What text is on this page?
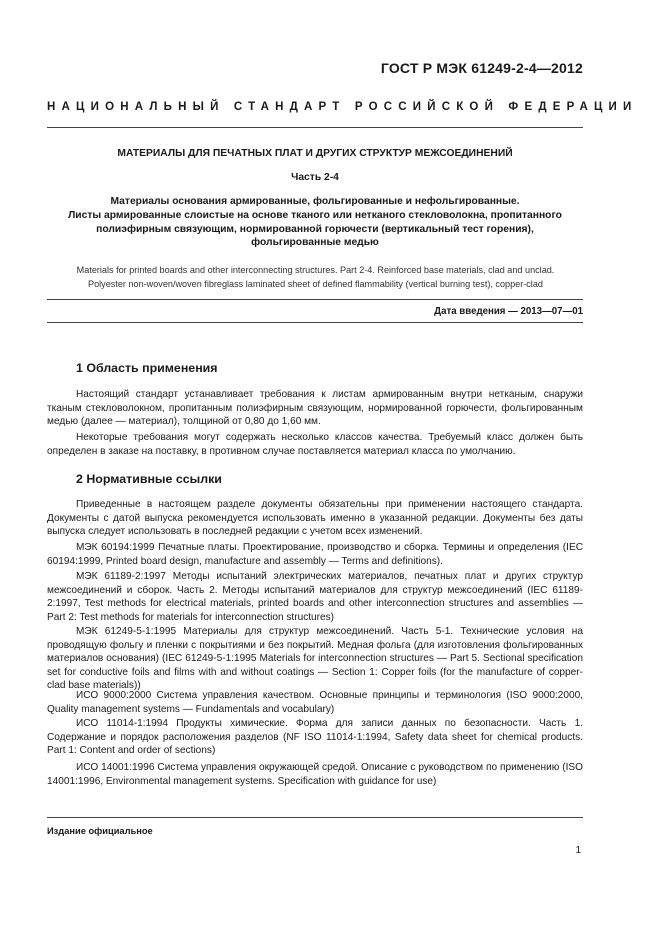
ГОСТ Р МЭК 61249-2-4—2012
НАЦИОНАЛЬНЫЙ СТАНДАРТ РОССИЙСКОЙ ФЕДЕРАЦИИ
МАТЕРИАЛЫ ДЛЯ ПЕЧАТНЫХ ПЛАТ И ДРУГИХ СТРУКТУР МЕЖСОЕДИНЕНИЙ
Часть 2-4
Материалы основания армированные, фольгированные и нефольгированные.
Листы армированные слоистые на основе тканого или нетканого стекловолокна, пропитанного
полиэфирным связующим, нормированной горючести (вертикальный тест горения),
фольгированные медью
Materials for printed boards and other interconnecting structures. Part 2-4. Reinforced base materials, clad and unclad.
Polyester non-woven/woven fibreglass laminated sheet of defined flammability (vertical burning test), copper-clad
Дата введения — 2013—07—01
1 Область применения
Настоящий стандарт устанавливает требования к листам армированным внутри нетканым, снаружи тканым стекловолокном, пропитанным полиэфирным связующим, нормированной горючести, фольгированным медью (далее — материал), толщиной от 0,80 до 1,60 мм.
Некоторые требования могут содержать несколько классов качества. Требуемый класс должен быть определен в заказе на поставку, в противном случае поставляется материал класса по умолчанию.
2 Нормативные ссылки
Приведенные в настоящем разделе документы обязательны при применении настоящего стандарта. Документы с датой выпуска рекомендуется использовать именно в указанной редакции. Документы без даты выпуска следует использовать в последней редакции с учетом всех изменений.
МЭК 60194:1999 Печатные платы. Проектирование, производство и сборка. Термины и определения (IEC 60194:1999, Printed board design, manufacture and assembly — Terms and definitions).
МЭК 61189-2:1997 Методы испытаний электрических материалов, печатных плат и других структур межсоединений и сборок. Часть 2. Методы испытаний материалов для структур межсоединений (IEC 61189-2:1997, Test methods for electrical materials, printed boards and other interconnection structures and assemblies — Part 2: Test methods for materials for interconnection structures)
МЭК 61249-5-1:1995 Материалы для структур межсоединений. Часть 5-1. Технические условия на проводящую фольгу и пленки с покрытиями и без покрытий. Медная фольга (для изготовления фольгированных материалов основания) (IEC 61249-5-1:1995 Materials for interconnection structures — Part 5. Sectional specification set for conductive foils and films with and without coatings — Section 1: Copper foils (for the manufacture of copper-clad base materials))
ИСО 9000:2000 Система управления качеством. Основные принципы и терминология (ISO 9000:2000, Quality management systems — Fundamentals and vocabulary)
ИСО 11014-1:1994 Продукты химические. Форма для записи данных по безопасности. Часть 1. Содержание и порядок расположения разделов (NF ISO 11014-1:1994, Safety data sheet for chemical products. Part 1: Content and order of sections)
ИСО 14001:1996 Система управления окружающей средой. Описание с руководством по применению (ISO 14001:1996, Environmental management systems. Specification with guidance for use)
Издание официальное
1
